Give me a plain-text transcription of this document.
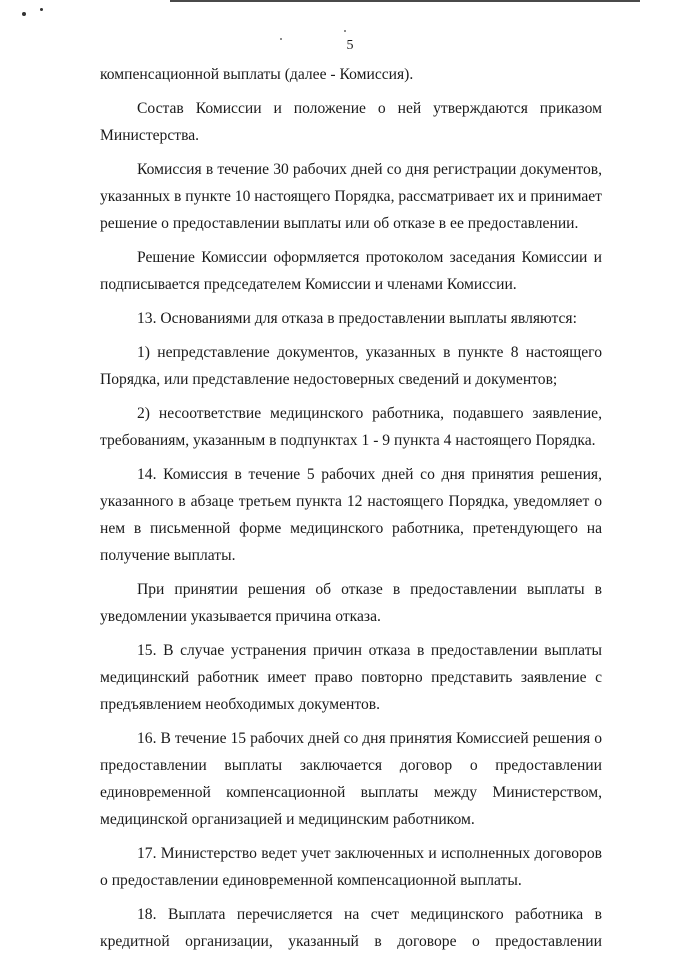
5

компенсационной выплаты (далее - Комиссия).

Состав Комиссии и положение о ней утверждаются приказом Министерства.

Комиссия в течение 30 рабочих дней со дня регистрации документов, указанных в пункте 10 настоящего Порядка, рассматривает их и принимает решение о предоставлении выплаты или об отказе в ее предоставлении.

Решение Комиссии оформляется протоколом заседания Комиссии и подписывается председателем Комиссии и членами Комиссии.

13. Основаниями для отказа в предоставлении выплаты являются:

1) непредставление документов, указанных в пункте 8 настоящего Порядка, или представление недостоверных сведений и документов;

2) несоответствие медицинского работника, подавшего заявление, требованиям, указанным в подпунктах 1 - 9 пункта 4 настоящего Порядка.

14. Комиссия в течение 5 рабочих дней со дня принятия решения, указанного в абзаце третьем пункта 12 настоящего Порядка, уведомляет о нем в письменной форме медицинского работника, претендующего на получение выплаты.

При принятии решения об отказе в предоставлении выплаты в уведомлении указывается причина отказа.

15. В случае устранения причин отказа в предоставлении выплаты медицинский работник имеет право повторно представить заявление с предъявлением необходимых документов.

16. В течение 15 рабочих дней со дня принятия Комиссией решения о предоставлении выплаты заключается договор о предоставлении единовременной компенсационной выплаты между Министерством, медицинской организацией и медицинским работником.

17. Министерство ведет учет заключенных и исполненных договоров о предоставлении единовременной компенсационной выплаты.

18. Выплата перечисляется на счет медицинского работника в кредитной организации, указанный в договоре о предоставлении
